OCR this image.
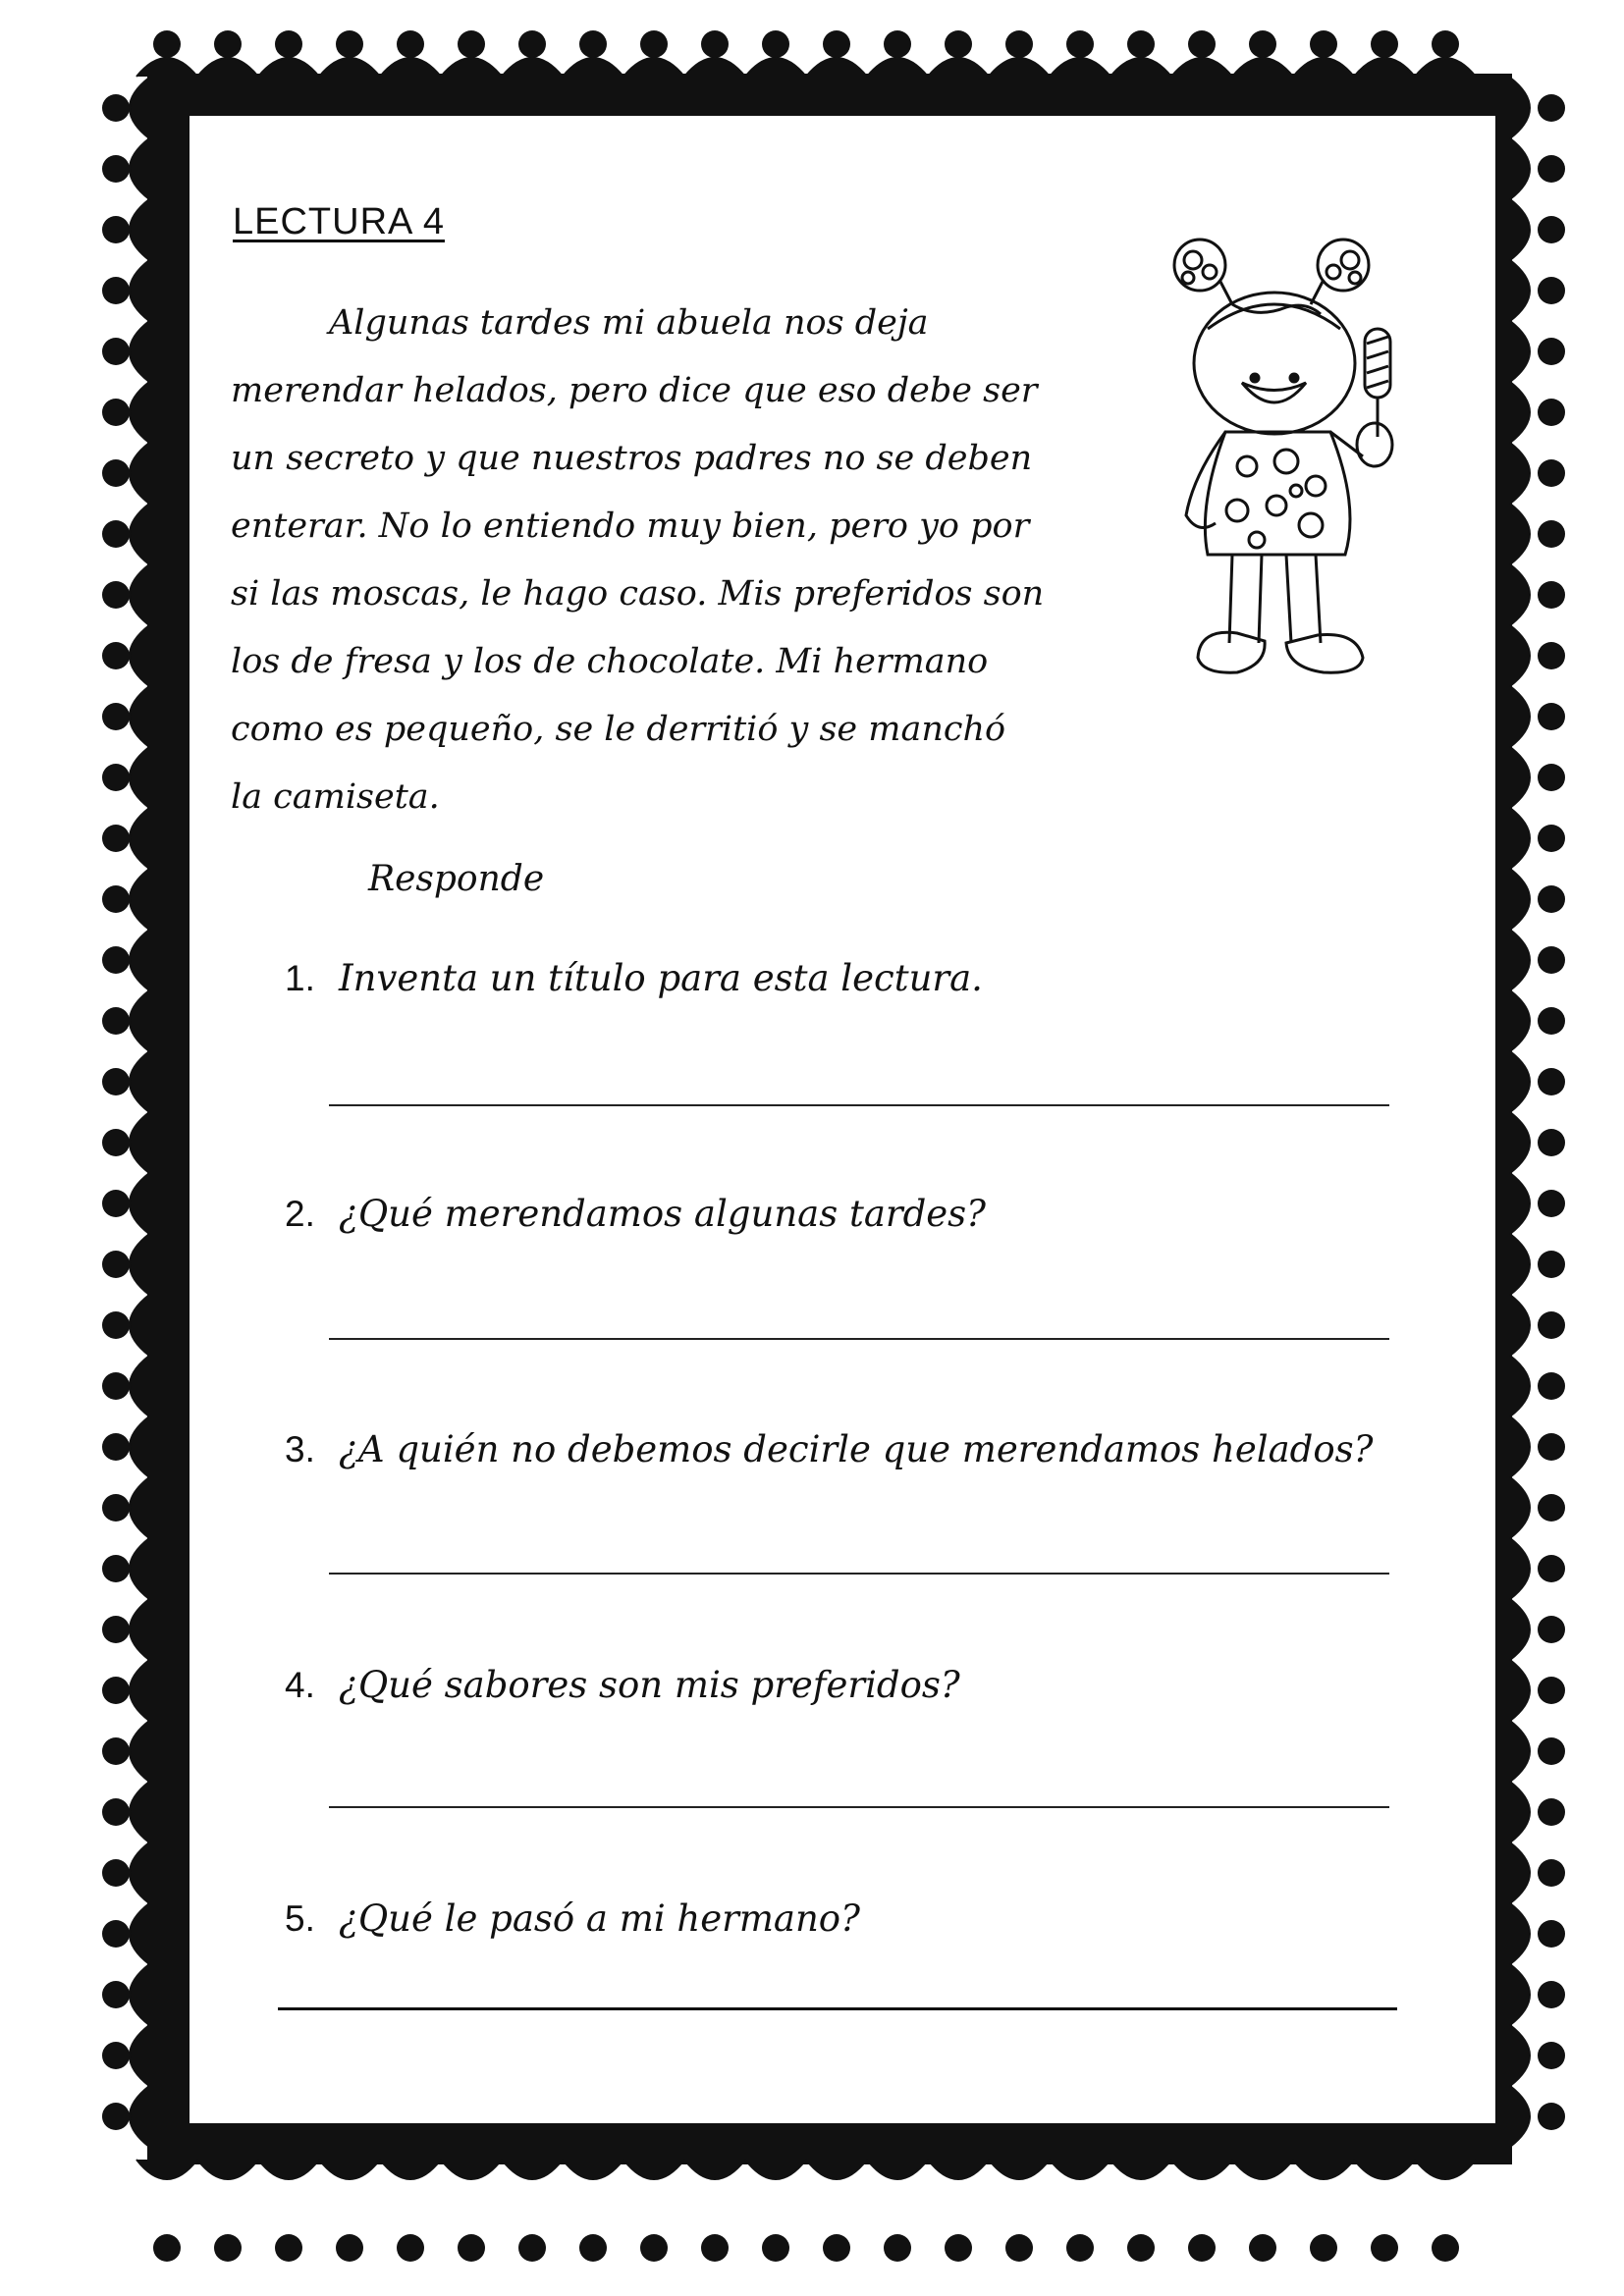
LECTURA 4
Algunas tardes mi abuela nos deja
merendar helados, pero dice que eso debe ser
un secreto y que nuestros padres no se deben
enterar. No lo entiendo muy bien, pero yo por
si las moscas, le hago caso. Mis preferidos son
los de fresa y los de chocolate. Mi hermano
como es pequeño, se le derritió y se manchó
la camiseta.
Responde
1. Inventa un título para esta lectura.
2. ¿Qué merendamos algunas tardes?
3. ¿A quién no debemos decirle que merendamos helados?
4. ¿Qué sabores son mis preferidos?
5. ¿Qué le pasó a mi hermano?
